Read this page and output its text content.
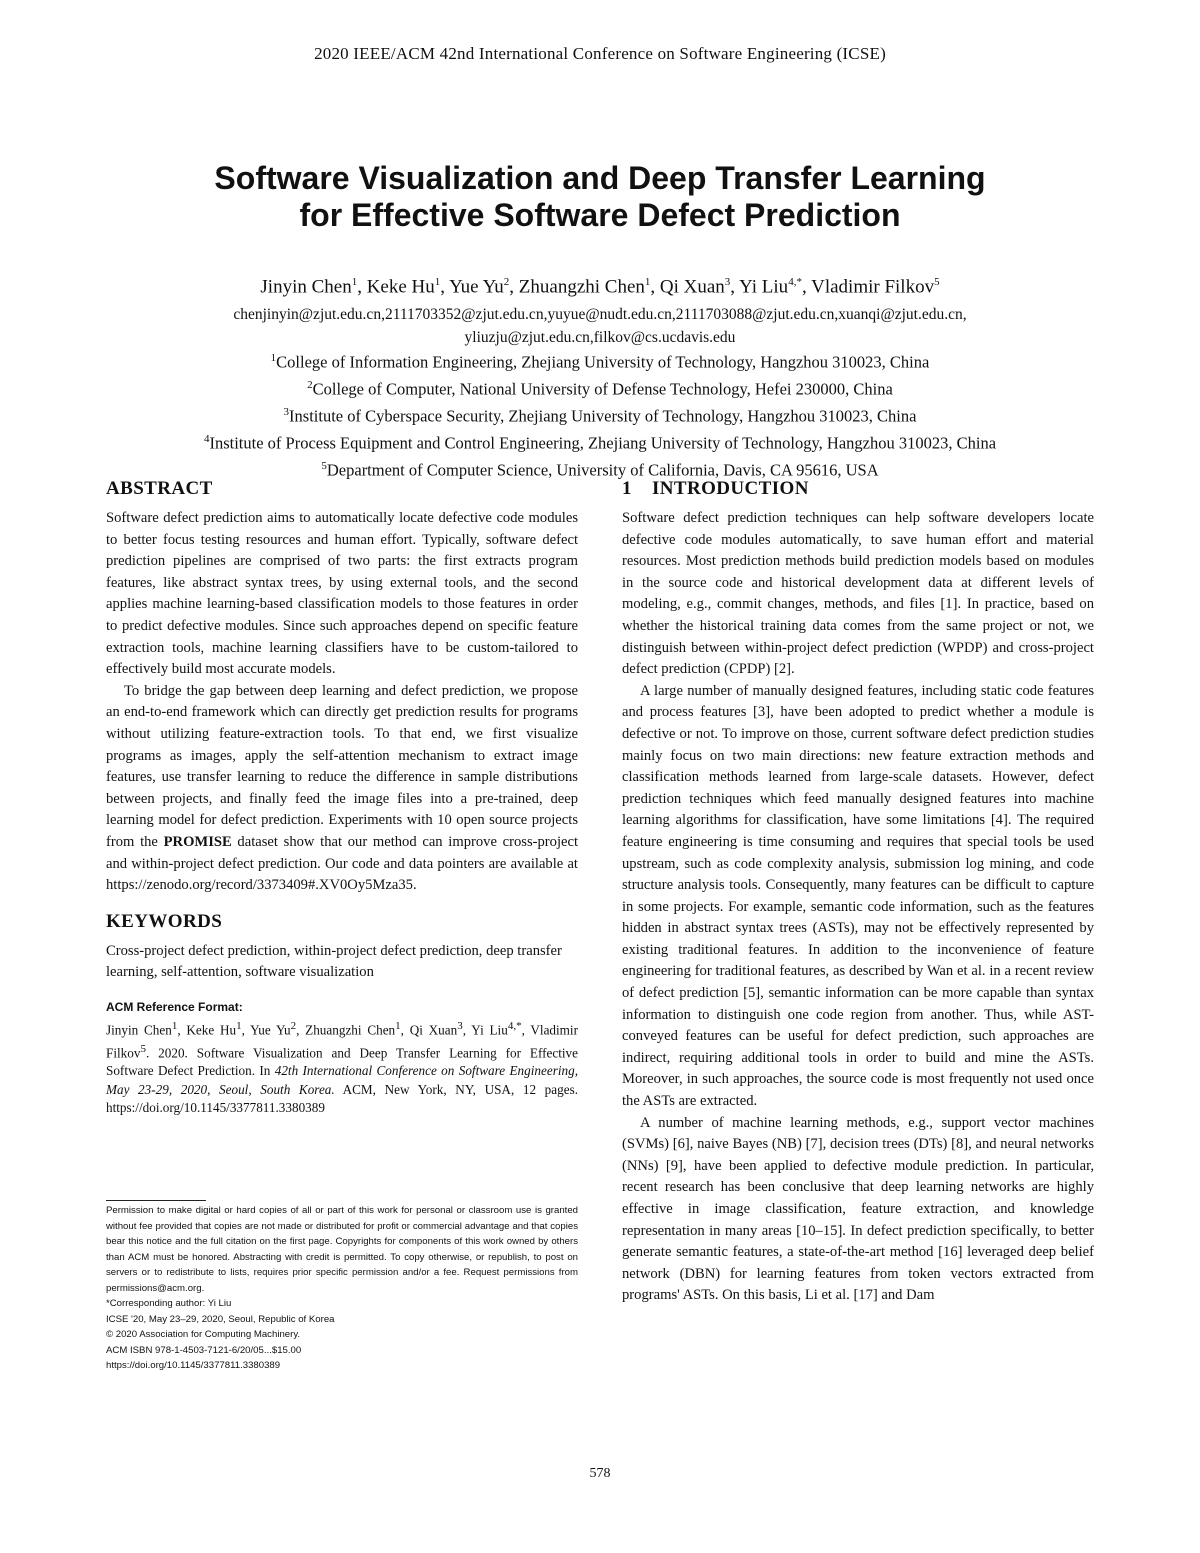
2020 IEEE/ACM 42nd International Conference on Software Engineering (ICSE)
Software Visualization and Deep Transfer Learning
for Effective Software Defect Prediction
Jinyin Chen$^1$, Keke Hu$^1$, Yue Yu$^2$, Zhuangzhi Chen$^1$, Qi Xuan$^3$, Yi Liu$^{4,*}$, Vladimir Filkov$^5$
chenjinyin@zjut.edu.cn,2111703352@zjut.edu.cn,yuyue@nudt.edu.cn,2111703088@zjut.edu.cn,xuanqi@zjut.edu.cn,
yliuzju@zjut.edu.cn,filkov@cs.ucdavis.edu
$^1$College of Information Engineering, Zhejiang University of Technology, Hangzhou 310023, China
$^2$College of Computer, National University of Defense Technology, Hefei 230000, China
$^3$Institute of Cyberspace Security, Zhejiang University of Technology, Hangzhou 310023, China
$^4$Institute of Process Equipment and Control Engineering, Zhejiang University of Technology, Hangzhou 310023, China
$^5$Department of Computer Science, University of California, Davis, CA 95616, USA
ABSTRACT

Software defect prediction aims to automatically locate defective code modules to better focus testing resources and human effort. Typically, software defect prediction pipelines are comprised of two parts: the first extracts program features, like abstract syntax trees, by using external tools, and the second applies machine learning-based classification models to those features in order to predict defective modules. Since such approaches depend on specific feature extraction tools, machine learning classifiers have to be custom-tailored to effectively build most accurate models.

To bridge the gap between deep learning and defect prediction, we propose an end-to-end framework which can directly get prediction results for programs without utilizing feature-extraction tools. To that end, we first visualize programs as images, apply the self-attention mechanism to extract image features, use transfer learning to reduce the difference in sample distributions between projects, and finally feed the image files into a pre-trained, deep learning model for defect prediction. Experiments with 10 open source projects from the PROMISE dataset show that our method can improve cross-project and within-project defect prediction. Our code and data pointers are available at https://zenodo.org/record/3373409#.XV0Oy5Mza35.

KEYWORDS

Cross-project defect prediction, within-project defect prediction, deep transfer learning, self-attention, software visualization

ACM Reference Format:
Jinyin Chen$^1$, Keke Hu$^1$, Yue Yu$^2$, Zhuangzhi Chen$^1$, Qi Xuan$^3$, Yi Liu$^{4,*}$, Vladimir Filkov$^5$. 2020. Software Visualization and Deep Transfer Learning for Effective Software Defect Prediction. In 42th International Conference on Software Engineering, May 23-29, 2020, Seoul, South Korea. ACM, New York, NY, USA, 12 pages. https://doi.org/10.1145/3377811.3380389
Permission to make digital or hard copies of all or part of this work for personal or classroom use is granted without fee provided that copies are not made or distributed for profit or commercial advantage and that copies bear this notice and the full citation on the first page. Copyrights for components of this work owned by others than ACM must be honored. Abstracting with credit is permitted. To copy otherwise, or republish, to post on servers or to redistribute to lists, requires prior specific permission and/or a fee. Request permissions from permissions@acm.org.
*Corresponding author: Yi Liu
ICSE '20, May 23–29, 2020, Seoul, Republic of Korea
© 2020 Association for Computing Machinery.
ACM ISBN 978-1-4503-7121-6/20/05...$15.00
https://doi.org/10.1145/3377811.3380389
1 INTRODUCTION

Software defect prediction techniques can help software developers locate defective code modules automatically, to save human effort and material resources. Most prediction methods build prediction models based on modules in the source code and historical development data at different levels of modeling, e.g., commit changes, methods, and files [1]. In practice, based on whether the historical training data comes from the same project or not, we distinguish between within-project defect prediction (WPDP) and cross-project defect prediction (CPDP) [2].

A large number of manually designed features, including static code features and process features [3], have been adopted to predict whether a module is defective or not. To improve on those, current software defect prediction studies mainly focus on two main directions: new feature extraction methods and classification methods learned from large-scale datasets. However, defect prediction techniques which feed manually designed features into machine learning algorithms for classification, have some limitations [4]. The required feature engineering is time consuming and requires that special tools be used upstream, such as code complexity analysis, submission log mining, and code structure analysis tools. Consequently, many features can be difficult to capture in some projects. For example, semantic code information, such as the features hidden in abstract syntax trees (ASTs), may not be effectively represented by existing traditional features. In addition to the inconvenience of feature engineering for traditional features, as described by Wan et al. in a recent review of defect prediction [5], semantic information can be more capable than syntax information to distinguish one code region from another. Thus, while AST-conveyed features can be useful for defect prediction, such approaches are indirect, requiring additional tools in order to build and mine the ASTs. Moreover, in such approaches, the source code is most frequently not used once the ASTs are extracted.

A number of machine learning methods, e.g., support vector machines (SVMs) [6], naive Bayes (NB) [7], decision trees (DTs) [8], and neural networks (NNs) [9], have been applied to defective module prediction. In particular, recent research has been conclusive that deep learning networks are highly effective in image classification, feature extraction, and knowledge representation in many areas [10–15]. In defect prediction specifically, to better generate semantic features, a state-of-the-art method [16] leveraged deep belief network (DBN) for learning features from token vectors extracted from programs' ASTs. On this basis, Li et al. [17] and Dam

578
